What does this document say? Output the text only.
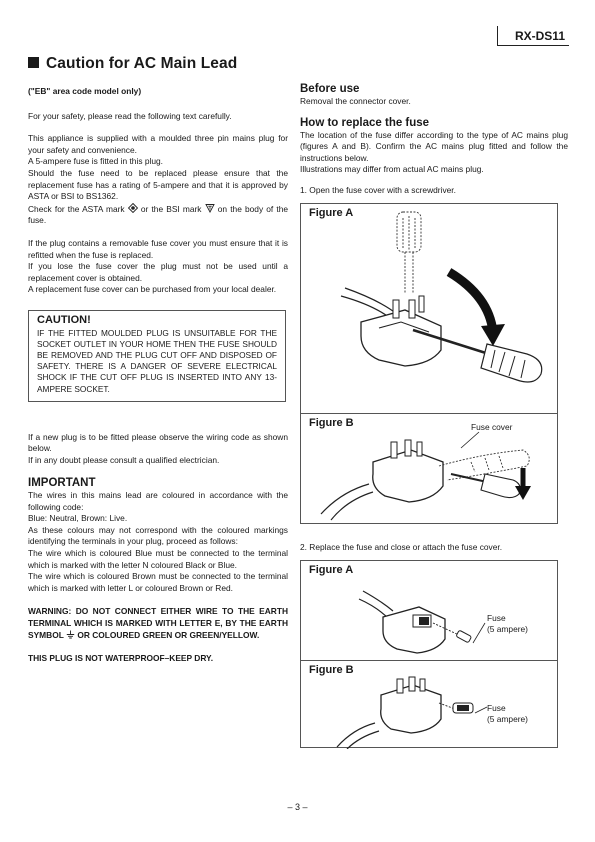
RX-DS11
Caution for AC Main Lead

("EB" area code model only)

For your safety, please read the following text carefully.

This appliance is supplied with a moulded three pin mains plug for your safety and convenience.

A 5-ampere fuse is fitted in this plug.

Should the fuse need to be replaced please ensure that the replacement fuse has a rating of 5-ampere and that it is approved by ASTA or BSI to BS1362.

Check for the ASTA mark or the BSI mark on the body of the fuse.

If the plug contains a removable fuse cover you must ensure that it is refitted when the fuse is replaced.

If you lose the fuse cover the plug must not be used until a replacement cover is obtained.

A replacement fuse cover can be purchased from your local dealer.

CAUTION!
IF THE FITTED MOULDED PLUG IS UNSUITABLE FOR THE SOCKET OUTLET IN YOUR HOME THEN THE FUSE SHOULD BE REMOVED AND THE PLUG CUT OFF AND DISPOSED OF SAFETY. THERE IS A DANGER OF SEVERE ELECTRICAL SHOCK IF THE CUT OFF PLUG IS INSERTED INTO ANY 13-AMPERE SOCKET.

If a new plug is to be fitted please observe the wiring code as shown below.

If in any doubt please consult a qualified electrician.

IMPORTANT

The wires in this mains lead are coloured in accordance with the following code:

Blue: Neutral, Brown: Live.

As these colours may not correspond with the coloured markings identifying the terminals in your plug, proceed as follows:

The wire which is coloured Blue must be connected to the terminal which is marked with the letter N coloured Black or Blue.

The wire which is coloured Brown must be connected to the terminal which is marked with letter L or coloured Brown or Red.

WARNING: DO NOT CONNECT EITHER WIRE TO THE EARTH TERMINAL WHICH IS MARKED WITH LETTER E, BY THE EARTH SYMBOL OR COLOURED GREEN OR GREEN/YELLOW.

THIS PLUG IS NOT WATERPROOF–KEEP DRY.

Before use

Removal the connector cover.

How to replace the fuse

The location of the fuse differ according to the type of AC mains plug (figures A and B). Confirm the AC mains plug fitted and follow the instructions below.

Illustrations may differ from actual AC mains plug.

1. Open the fuse cover with a screwdriver.

Figure A
Figure B	Fuse cover

2. Replace the fuse and close or attach the fuse cover.

Figure A
Figure B
Fuse
(5 ampere)
Fuse
(5 ampere)
– 3 –
